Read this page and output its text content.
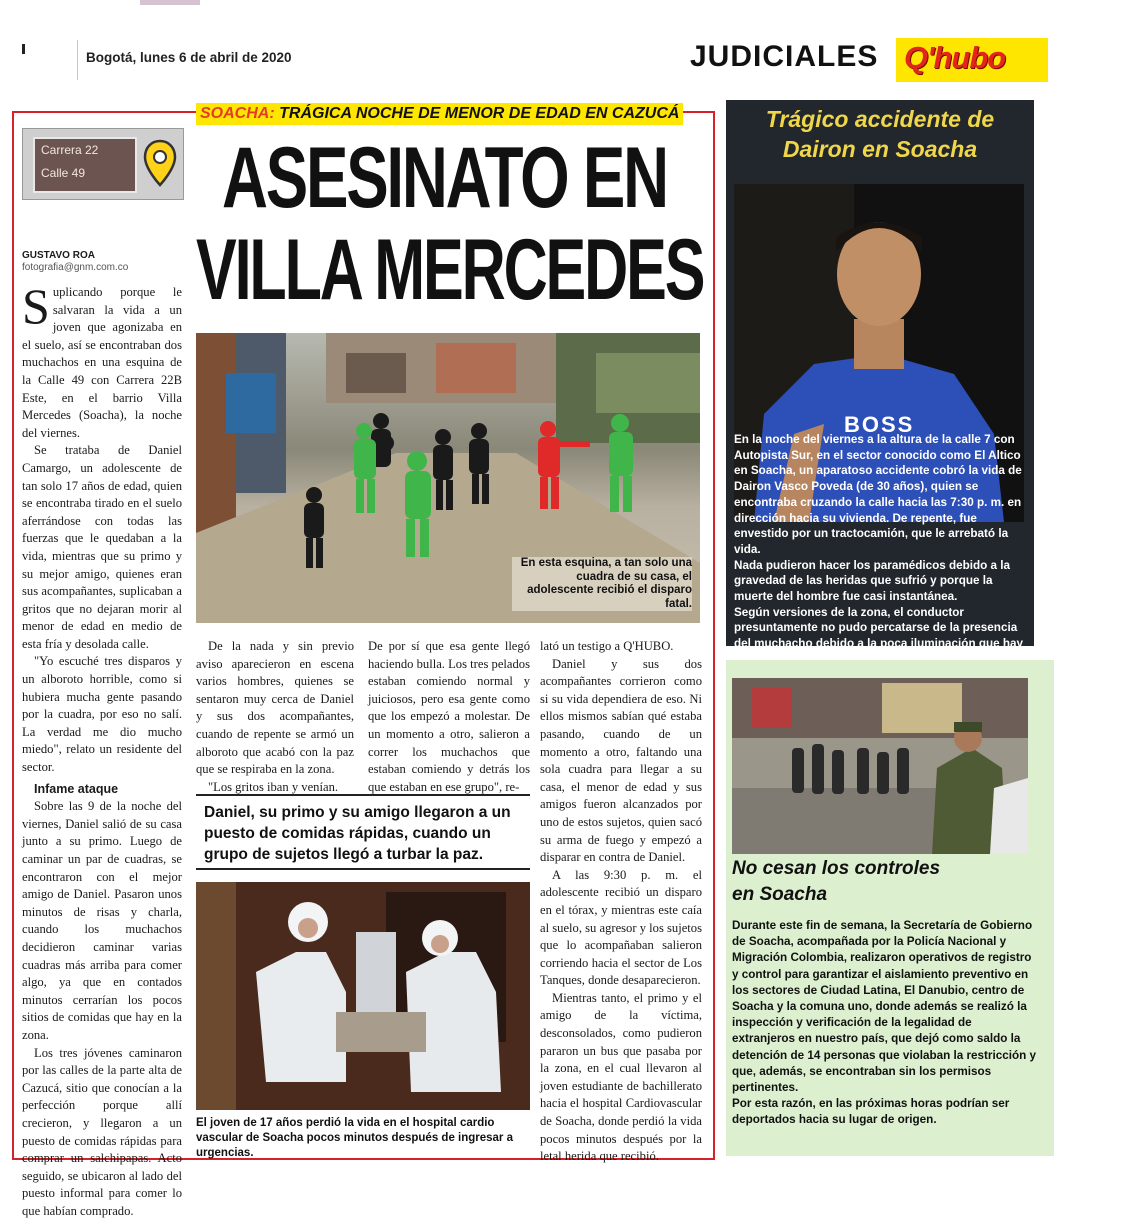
Bogotá, lunes 6 de abril de 2020	JUDICIALES Q'hubo
SOACHA: TRÁGICA NOCHE DE MENOR DE EDAD EN CAZUCÁ
Carrera 22
Calle 49 ASESINATO EN
VILLA MERCEDES
GUSTAVO ROA
fotografia@gnm.com.co
S uplicando porque le salvaran la vida a un joven que agonizaba en el suelo, así se encontraban dos muchachos en una esquina de la Calle 49 con Carrera 22B Este, en el barrio Villa Mercedes (Soacha), la noche del viernes.

Se trataba de Daniel Camargo, un adolescente de tan solo 17 años de edad, quien se encontraba tirado en el suelo aferrándose con todas las fuerzas que le quedaban a la vida, mientras que su primo y su mejor amigo, quienes eran sus acompañantes, suplicaban a gritos que no dejaran morir al menor de edad en medio de esta fría y desolada calle.

"Yo escuché tres disparos y un alboroto horrible, como si hubiera mucha gente pasando por la cuadra, por eso no salí. La verdad me dio mucho miedo", relato un residente del sector.

Infame ataque

Sobre las 9 de la noche del viernes, Daniel salió de su casa junto a su primo. Luego de caminar un par de cuadras, se encontraron con el mejor amigo de Daniel. Pasaron unos minutos de risas y charla, cuando los muchachos decidieron caminar varias cuadras más arriba para comer algo, ya que en contados minutos cerrarían los pocos sitios de comidas que hay en la zona.

Los tres jóvenes caminaron por las calles de la parte alta de Cazucá, sitio que conocían a la perfección porque allí crecieron, y llegaron a un puesto de comidas rápidas para comprar un salchipapas. Acto seguido, se ubicaron al lado del puesto informal para comer lo que habían comprado.

En esta esquina, a tan solo una cuadra de su casa, el adolescente recibió el disparo fatal.

De la nada y sin previo aviso aparecieron en escena varios hombres, quienes se sentaron muy cerca de Daniel y sus dos acompañantes, cuando de repente se armó un alboroto que acabó con la paz que se respiraba en la zona.

"Los gritos iban y venían.

De por sí que esa gente llegó haciendo bulla. Los tres pelados estaban comiendo normal y juiciosos, pero esa gente como que los empezó a molestar. De un momento a otro, salieron a correr los muchachos que estaban comiendo y detrás los que estaban en ese grupo", re-

Daniel, su primo y su amigo llegaron a un puesto de comidas rápidas, cuando un grupo de sujetos llegó a turbar la paz.
El joven de 17 años perdió la vida en el hospital cardio vascular de Soacha pocos minutos después de ingresar a urgencias.

lató un testigo a Q'HUBO.

Daniel y sus dos acompañantes corrieron como si su vida dependiera de eso. Ni ellos mismos sabían qué estaba pasando, cuando de un momento a otro, faltando una sola cuadra para llegar a su casa, el menor de edad y sus amigos fueron alcanzados por uno de estos sujetos, quien sacó su arma de fuego y empezó a disparar en contra de Daniel.

A las 9:30 p. m. el adolescente recibió un disparo en el tórax, y mientras este caía al suelo, su agresor y los sujetos que lo acompañaban salieron corriendo hacia el sector de Los Tanques, donde desaparecieron.

Mientras tanto, el primo y el amigo de la víctima, desconsolados, como pudieron pararon un bus que pasaba por la zona, en el cual llevaron al joven estudiante de bachillerato hacia el hospital Cardiovascular de Soacha, donde perdió la vida pocos minutos después por la letal herida que recibió.

Trágico accidente de
Dairon en Soacha
BOSS

En la noche del viernes a la altura de la calle 7 con Autopista Sur, en el sector conocido como El Altico en Soacha, un aparatoso accidente cobró la vida de Dairon Vasco Poveda (de 30 años), quien se encontraba cruzando la calle hacia las 7:30 p. m. en dirección hacia su vivienda. De repente, fue envestido por un tractocamión, que le arrebató la vida.

Nada pudieron hacer los paramédicos debido a la gravedad de las heridas que sufrió y porque la muerte del hombre fue casi instantánea.

Según versiones de la zona, el conductor presuntamente no pudo percatarse de la presencia del muchacho debido a la poca iluminación que hay

No cesan los controles
en Soacha

Durante este fin de semana, la Secretaría de Gobierno de Soacha, acompañada por la Policía Nacional y Migración Colombia, realizaron operativos de registro y control para garantizar el aislamiento preventivo en los sectores de Ciudad Latina, El Danubio, centro de Soacha y la comuna uno, donde además se realizó la inspección y verificación de la legalidad de extranjeros en nuestro país, que dejó como saldo la detención de 14 personas que violaban la restricción y que, además, se encontraban sin los permisos pertinentes.

Por esta razón, en las próximas horas podrían ser deportados hacia su lugar de origen.
